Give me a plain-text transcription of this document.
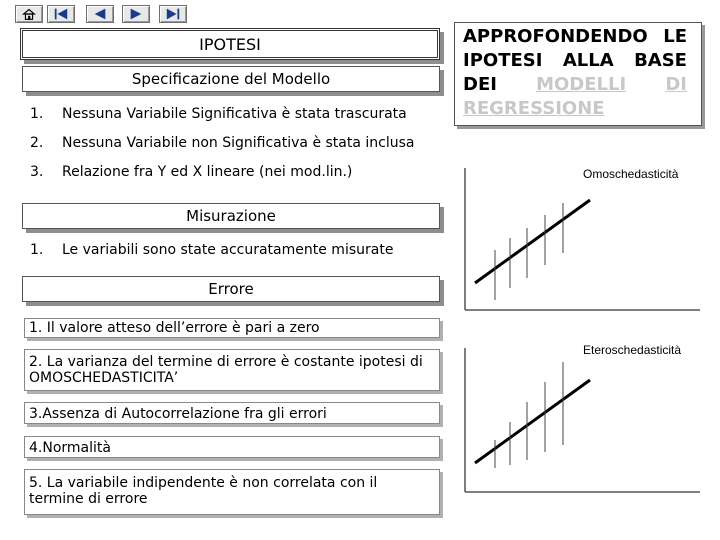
IPOTESI
Specificazione del Modello
1. Nessuna Variabile Significativa è stata trascurata
2. Nessuna Variabile non Significativa è stata inclusa
3. Relazione fra Y ed X lineare (nei mod.lin.)
Misurazione
1. Le variabili sono state accuratamente misurate
Errore
1. Il valore atteso dell’errore è pari a zero
2. La varianza del termine di errore è costante ipotesi di OMOSCHEDASTICITA’
3.Assenza di Autocorrelazione fra gli errori
4.Normalità
5. La variabile indipendente è non correlata con il termine di errore
APPROFONDENDO LE
IPOTESI ALLA BASE
DEI MODELLI DI
REGRESSIONE
Omoschedasticità
Eteroschedasticità
